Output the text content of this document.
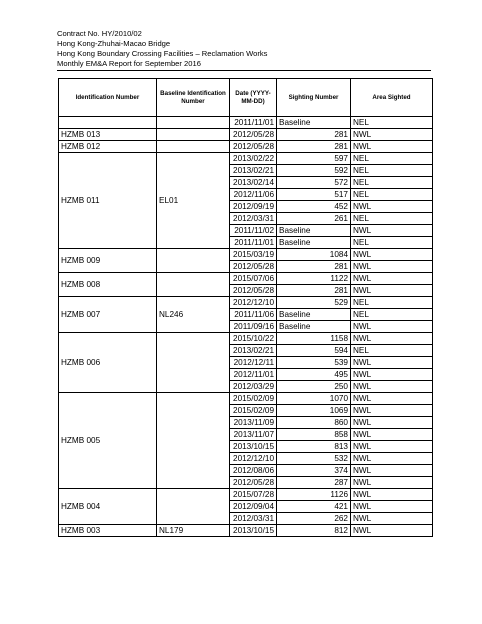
Contract No. HY/2010/02
Hong Kong-Zhuhai-Macao Bridge
Hong Kong Boundary Crossing Facilities – Reclamation Works
Monthly EM&A Report for September 2016
Identification Number	Baseline Identification Number	Date (YYYY-MM-DD)	Sighting Number	Area Sighted
		2011/11/01	Baseline	NEL
HZMB 013		2012/05/28	281	NWL
HZMB 012		2012/05/28	281	NWL
HZMB 011	EL01	2013/02/22	597	NEL
		2013/02/21	592	NEL
		2013/02/14	572	NEL
		2012/11/06	517	NEL
		2012/09/19	452	NWL
		2012/03/31	261	NEL
		2011/11/02	Baseline	NWL
		2011/11/01	Baseline	NEL
HZMB 009		2015/03/19	1084	NWL
		2012/05/28	281	NWL
HZMB 008		2015/07/06	1122	NWL
		2012/05/28	281	NWL
HZMB 007	NL246	2012/12/10	529	NEL
		2011/11/06	Baseline	NEL
		2011/09/16	Baseline	NWL
HZMB 006		2015/10/22	1158	NWL
		2013/02/21	594	NEL
		2012/12/11	539	NWL
		2012/11/01	495	NWL
		2012/03/29	250	NWL
HZMB 005		2015/02/09	1070	NWL
		2015/02/09	1069	NWL
		2013/11/09	860	NWL
		2013/11/07	858	NWL
		2013/10/15	813	NWL
		2012/12/10	532	NWL
		2012/08/06	374	NWL
		2012/05/28	287	NWL
HZMB 004		2015/07/28	1126	NWL
		2012/09/04	421	NWL
		2012/03/31	262	NWL
HZMB 003	NL179	2013/10/15	812	NWL
